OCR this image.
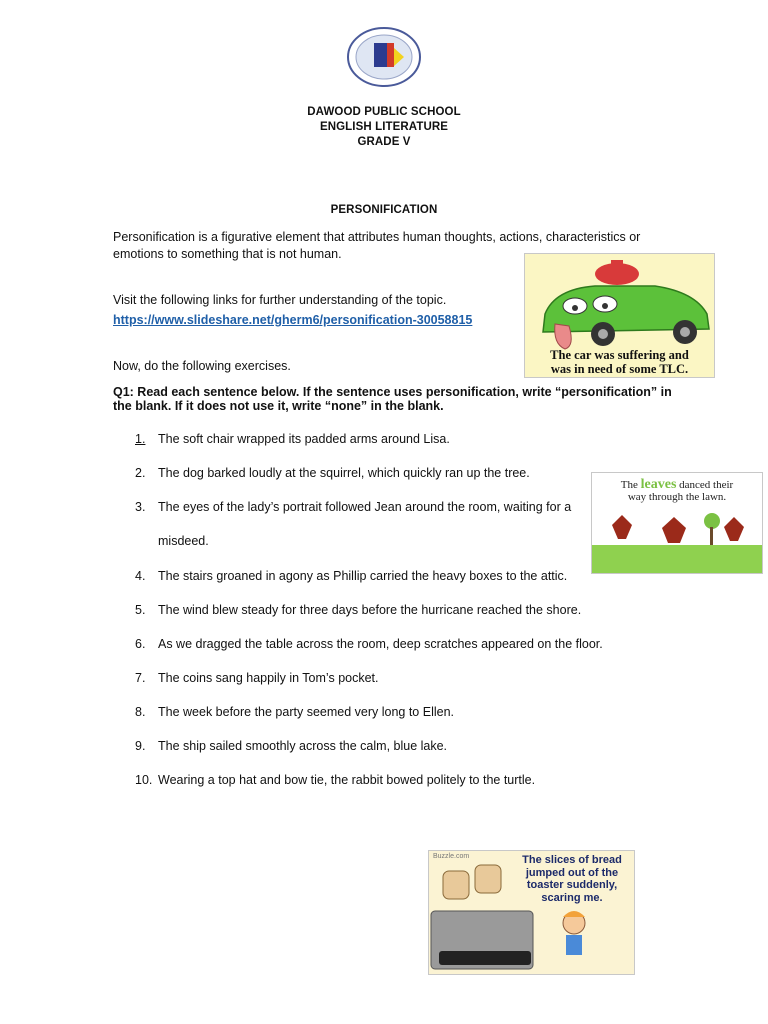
DAWOOD PUBLIC SCHOOL
ENGLISH LITERATURE
GRADE V
PERSONIFICATION
Personification is a figurative element that attributes human thoughts, actions, characteristics or
emotions to something that is not human.
Visit the following links for further understanding of the topic.
https://www.slideshare.net/gherm6/personification-30058815
Now, do the following exercises.
Q1: Read each sentence below. If the sentence uses personification, write “personification” in
the blank. If it does not use it, write “none” in the blank.
1.	The soft chair wrapped its padded arms around Lisa.
2.	The dog barked loudly at the squirrel, which quickly ran up the tree.
3.	The eyes of the lady’s portrait followed Jean around the room, waiting for a
misdeed.
4.	The stairs groaned in agony as Phillip carried the heavy boxes to the attic.
5.	The wind blew steady for three days before the hurricane reached the shore.
6.	As we dragged the table across the room, deep scratches appeared on the floor.
7.	The coins sang happily in Tom’s pocket.
8.	The week before the party seemed very long to Ellen.
9.	The ship sailed smoothly across the calm, blue lake.
10. Wearing a top hat and bow tie, the rabbit bowed politely to the turtle.
The car was suffering and
was in need of some TLC.
The leaves danced their
way through the lawn.
Buzzle.com	The slices of bread
jumped out of the
toaster suddenly,
scaring me.
